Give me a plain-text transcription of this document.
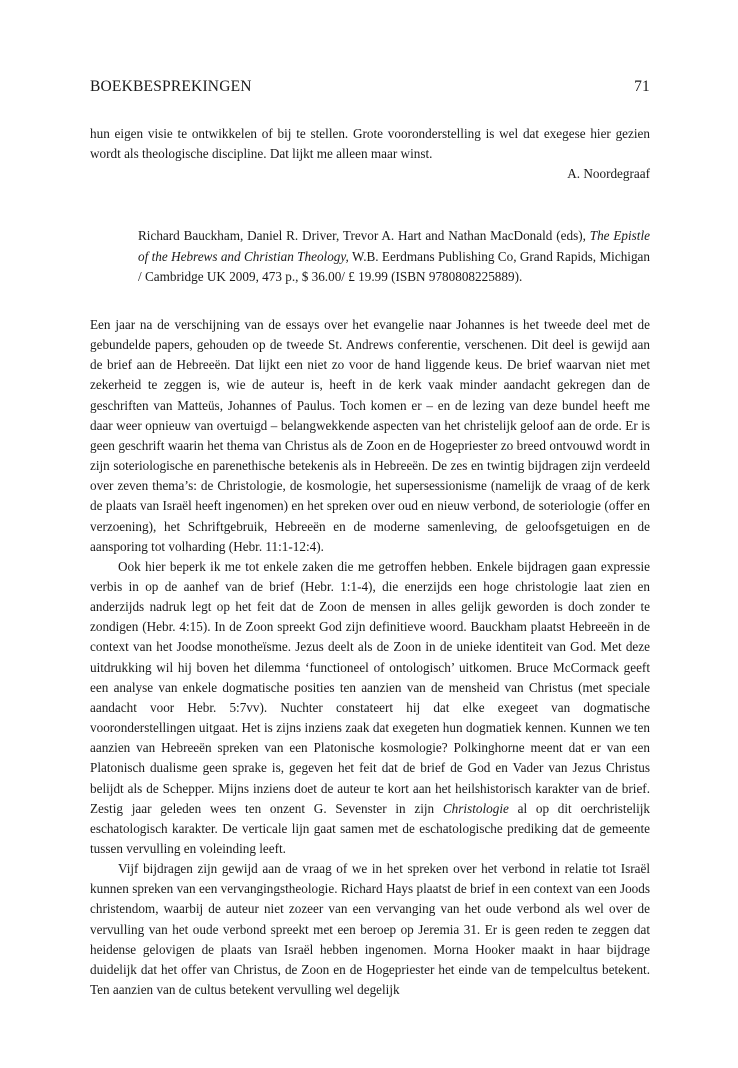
BOEKBESPREKINGEN	71
hun eigen visie te ontwikkelen of bij te stellen. Grote vooronderstelling is wel dat exegese hier gezien wordt als theologische discipline. Dat lijkt me alleen maar winst.
A. Noordegraaf
Richard Bauckham, Daniel R. Driver, Trevor A. Hart and Nathan MacDonald (eds), The Epistle of the Hebrews and Christian Theology, W.B. Eerdmans Publishing Co, Grand Rapids, Michigan / Cambridge UK 2009, 473 p., $ 36.00/ £ 19.99 (ISBN 9780808225889).

Een jaar na de verschijning van de essays over het evangelie naar Johannes is het tweede deel met de gebundelde papers, gehouden op de tweede St. Andrews conferentie, verschenen. Dit deel is gewijd aan de brief aan de Hebreeën. Dat lijkt een niet zo voor de hand liggende keus. De brief waarvan niet met zekerheid te zeggen is, wie de auteur is, heeft in de kerk vaak minder aandacht gekregen dan de geschriften van Matteüs, Johannes of Paulus. Toch komen er – en de lezing van deze bundel heeft me daar weer opnieuw van overtuigd – belangwekkende aspecten van het christelijk geloof aan de orde. Er is geen geschrift waarin het thema van Christus als de Zoon en de Hogepriester zo breed ontvouwd wordt in zijn soteriologische en parenethische betekenis als in Hebreeën. De zes en twintig bijdragen zijn verdeeld over zeven thema’s: de Christologie, de kosmologie, het supersessionisme (namelijk de vraag of de kerk de plaats van Israël heeft ingenomen) en het spreken over oud en nieuw verbond, de soteriologie (offer en verzoening), het Schriftgebruik, Hebreeën en de moderne samenleving, de geloofsgetuigen en de aansporing tot volharding (Hebr. 11:1-12:4).

Ook hier beperk ik me tot enkele zaken die me getroffen hebben. Enkele bijdragen gaan expressie verbis in op de aanhef van de brief (Hebr. 1:1-4), die enerzijds een hoge christologie laat zien en anderzijds nadruk legt op het feit dat de Zoon de mensen in alles gelijk geworden is doch zonder te zondigen (Hebr. 4:15). In de Zoon spreekt God zijn definitieve woord. Bauckham plaatst Hebreeën in de context van het Joodse monotheïsme. Jezus deelt als de Zoon in de unieke identiteit van God. Met deze uitdrukking wil hij boven het dilemma ‘functioneel of ontologisch’ uitkomen. Bruce McCormack geeft een analyse van enkele dogmatische posities ten aanzien van de mensheid van Christus (met speciale aandacht voor Hebr. 5:7vv). Nuchter constateert hij dat elke exegeet van dogmatische vooronderstellingen uitgaat. Het is zijns inziens zaak dat exegeten hun dogmatiek kennen. Kunnen we ten aanzien van Hebreeën spreken van een Platonische kosmologie? Polkinghorne meent dat er van een Platonisch dualisme geen sprake is, gegeven het feit dat de brief de God en Vader van Jezus Christus belijdt als de Schepper. Mijns inziens doet de auteur te kort aan het heilshistorisch karakter van de brief. Zestig jaar geleden wees ten onzent G. Sevenster in zijn Christologie al op dit oerchristelijk eschatologisch karakter. De verticale lijn gaat samen met de eschatologische prediking dat de gemeente tussen vervulling en voleinding leeft.

Vijf bijdragen zijn gewijd aan de vraag of we in het spreken over het verbond in relatie tot Israël kunnen spreken van een vervangingstheologie. Richard Hays plaatst de brief in een context van een Joods christendom, waarbij de auteur niet zozeer van een vervanging van het oude verbond als wel over de vervulling van het oude verbond spreekt met een beroep op Jeremia 31. Er is geen reden te zeggen dat heidense gelovigen de plaats van Israël hebben ingenomen. Morna Hooker maakt in haar bijdrage duidelijk dat het offer van Christus, de Zoon en de Hogepriester het einde van de tempelcultus betekent. Ten aanzien van de cultus betekent vervulling wel degelijk
